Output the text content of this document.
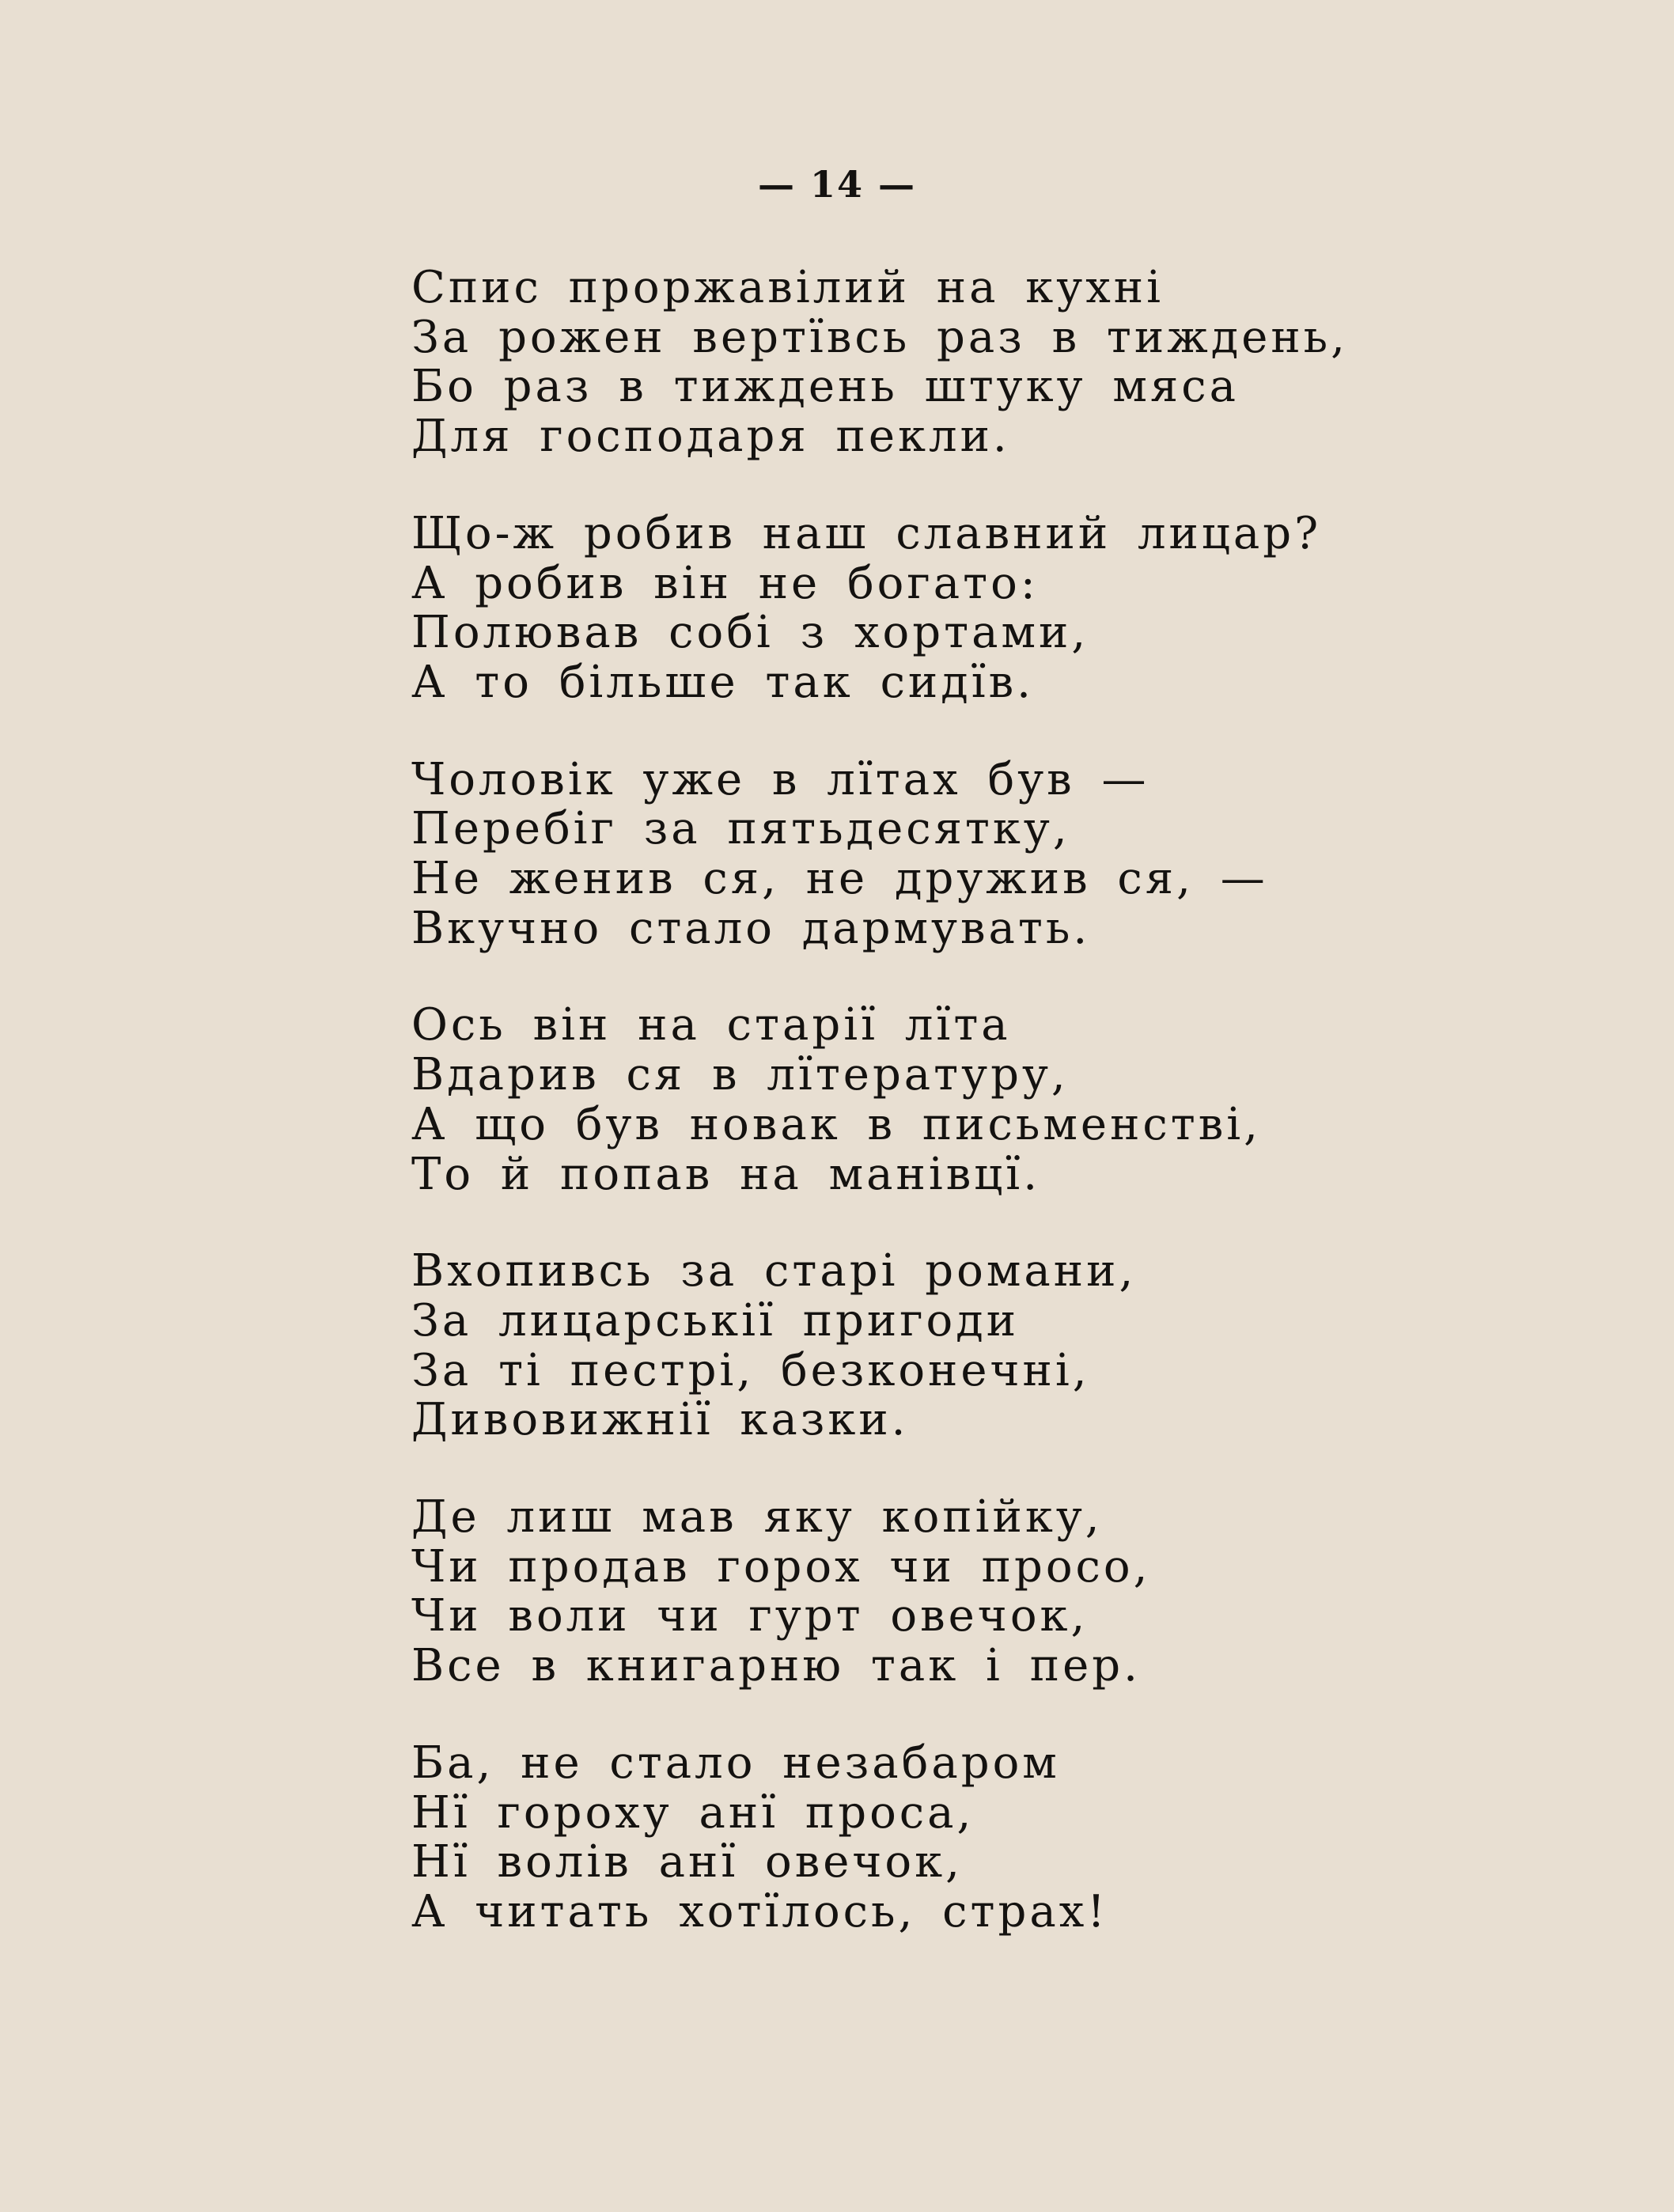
— 14 —
Спис проржавілий на кухні
За рожен вертївсь раз в тиждень,
Бо раз в тиждень штуку мяса
Для господаря пекли.
Що-ж робив наш славний лицар?
А робив він не богато:
Полював собі з хортами,
А то більше так сидїв.
Чоловік уже в лїтах був —
Перебіг за пятьдесятку,
Не женив ся, не дружив ся, —
Вкучно стало дармувать.
Ось він на старії лїта
Вдарив ся в лїтературу,
А що був новак в письменстві,
То й попав на манівцї.
Вхопивсь за старі романи,
За лицарськії пригоди
За ті пестрі, безконечні,
Дивовижнії казки.
Де лиш мав яку копійку,
Чи продав горох чи просо,
Чи воли чи гурт овечок,
Все в книгарню так і пер.
Ба, не стало незабаром
Нї гороху анї проса,
Нї волів анї овечок,
А читать хотїлось, страх!
